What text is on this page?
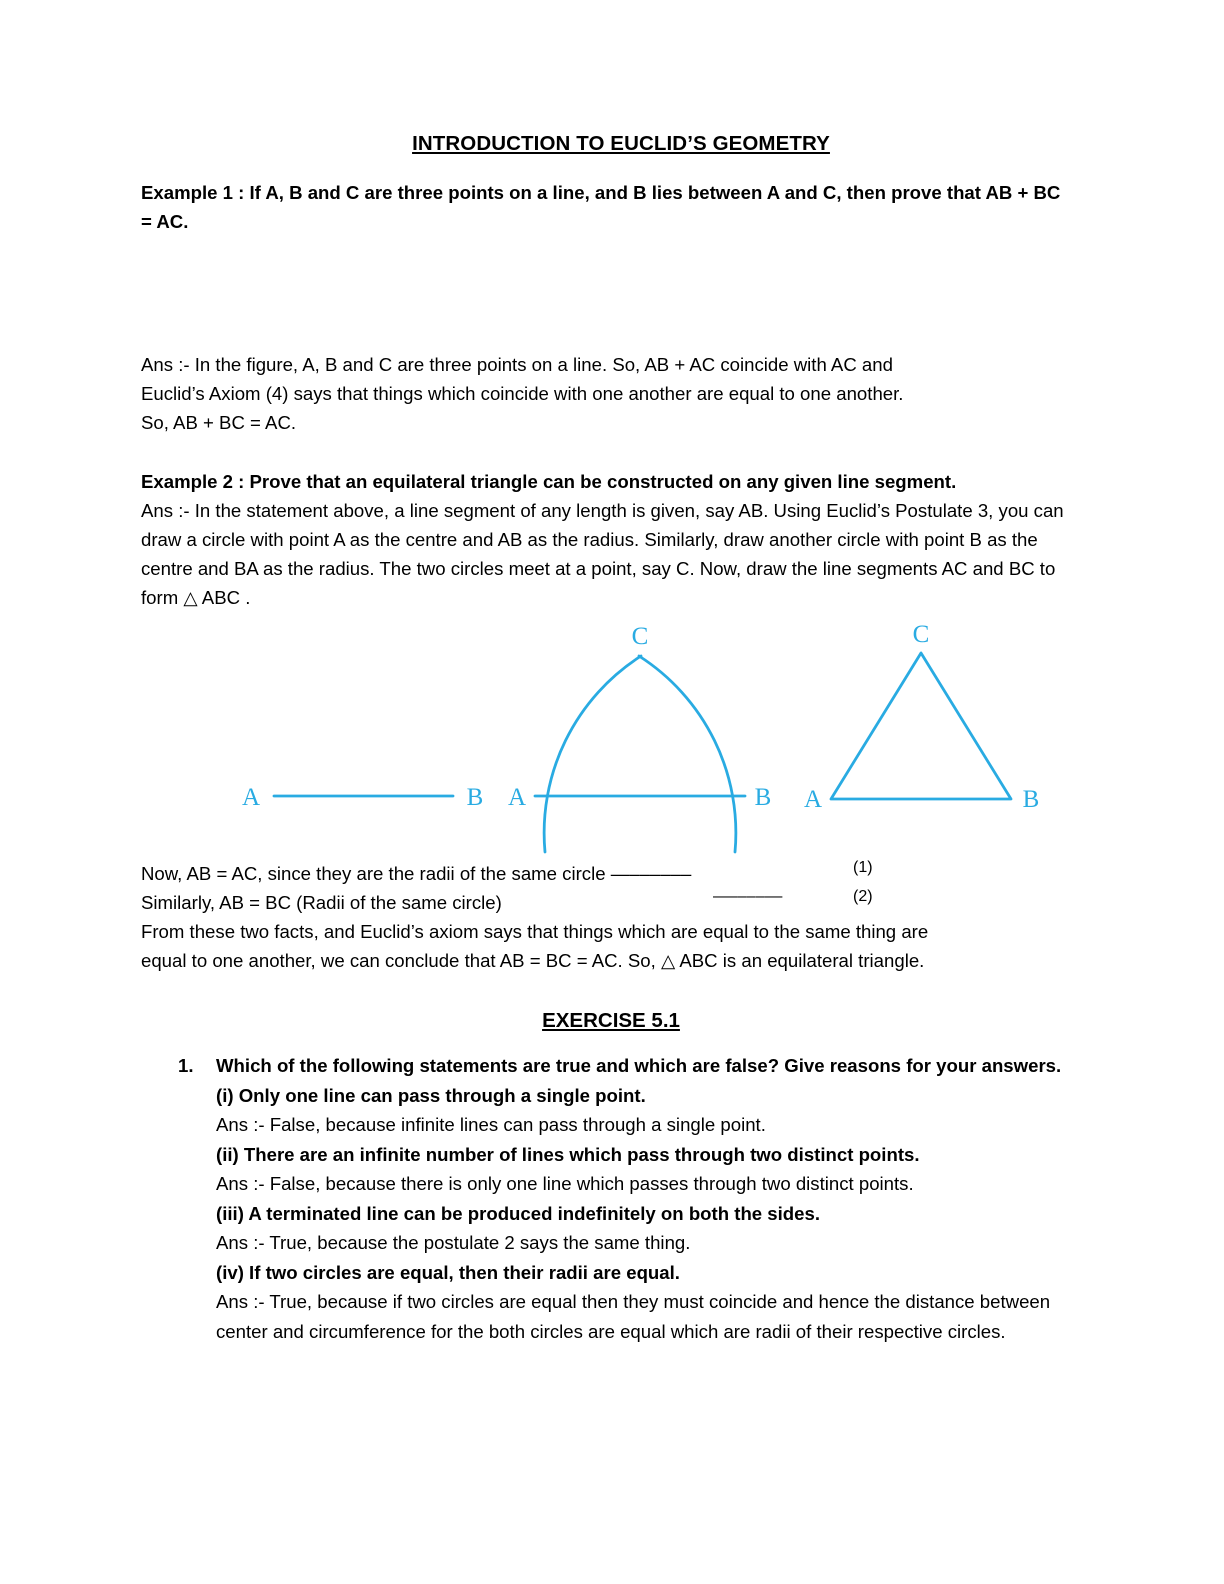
INTRODUCTION TO EUCLID’S GEOMETRY

Example 1 : If A, B and C are three points on a line, and B lies between A and C, then prove that AB + BC = AC.

Ans :- In the figure, A, B and C are three points on a line. So, AB + AC coincide with AC and

Euclid’s Axiom (4) says that things which coincide with one another are equal to one another.

So, AB + BC = AC.

Example 2 : Prove that an equilateral triangle can be constructed on any given line segment.

Ans :- In the statement above, a line segment of any length is given, say AB. Using Euclid’s Postulate 3, you can draw a circle with point A as the centre and AB as the radius. Similarly, draw another circle with point B as the centre and BA as the radius. The two circles meet at a point, say C. Now, draw the line segments AC and BC to form △ ABC .

A	B A	B
C
A	B
C
Now, AB = AC, since they are the radii of the same circle —––––––	(1)
Similarly, AB = BC (Radii of the same circle)	—––––––	(2)

From these two facts, and Euclid’s axiom says that things which are equal to the same thing are

equal to one another, we can conclude that AB = BC = AC. So, △ ABC is an equilateral triangle.

EXERCISE 5.1
1. Which of the following statements are true and which are false? Give reasons for your answers.

(i) Only one line can pass through a single point.

Ans :- False, because infinite lines can pass through a single point.

(ii) There are an infinite number of lines which pass through two distinct points.

Ans :- False, because there is only one line which passes through two distinct points.

(iii) A terminated line can be produced indefinitely on both the sides.

Ans :- True, because the postulate 2 says the same thing.

(iv) If two circles are equal, then their radii are equal.

Ans :- True, because if two circles are equal then they must coincide and hence the distance between center and circumference for the both circles are equal which are radii of their respective circles.
